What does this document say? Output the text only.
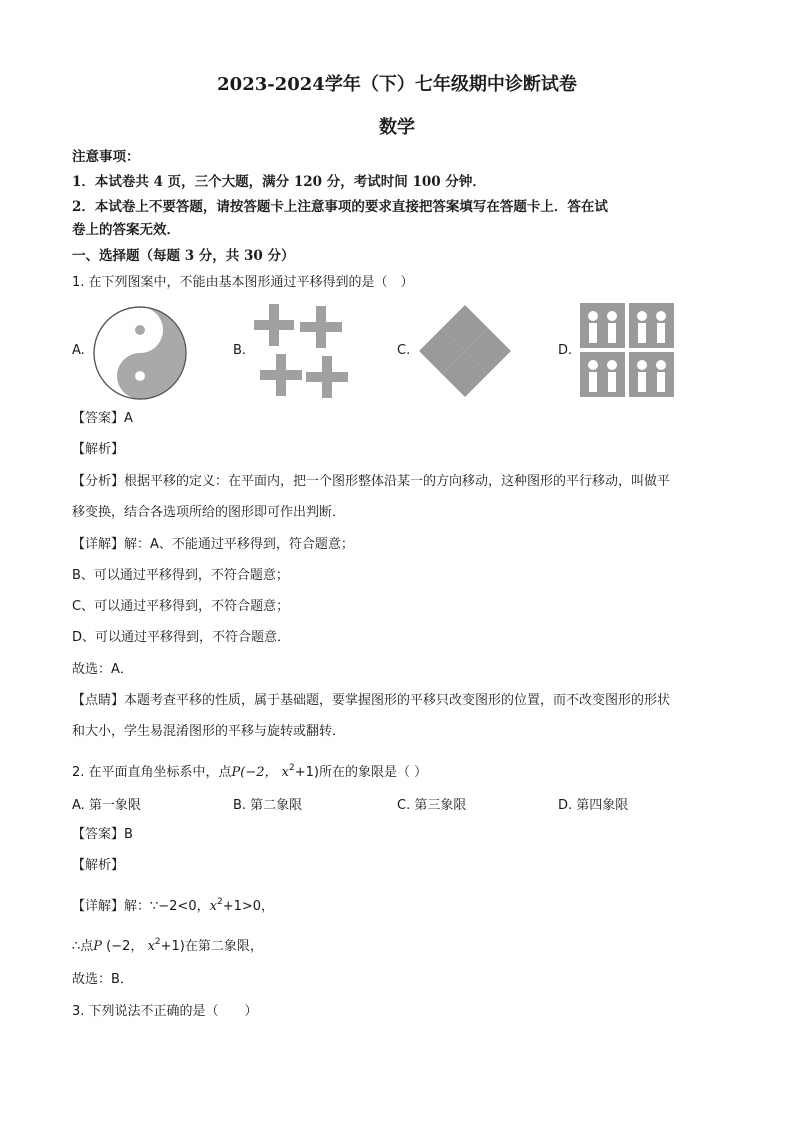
2023-2024学年（下）七年级期中诊断试卷
数学
注意事项：
1．本试卷共 4 页，三个大题，满分 120 分，考试时间 100 分钟．
2．本试卷上不要答题，请按答题卡上注意事项的要求直接把答案填写在答题卡上．答在试
卷上的答案无效．
一、选择题（每题 3 分，共 30 分）
1. 在下列图案中，不能由基本图形通过平移得到的是（　）
A.	B.	C.	D.
【答案】A
【解析】
【分析】根据平移的定义：在平面内，把一个图形整体沿某一的方向移动，这种图形的平行移动，叫做平
移变换，结合各选项所给的图形即可作出判断．
【详解】解：A、不能通过平移得到，符合题意；
B、可以通过平移得到，不符合题意；
C、可以通过平移得到，不符合题意；
D、可以通过平移得到，不符合题意．
故选：A．
【点睛】本题考查平移的性质，属于基础题，要掌握图形的平移只改变图形的位置，而不改变图形的形状
和大小，学生易混淆图形的平移与旋转或翻转．
2. 在平面直角坐标系中，点P(−2， $x^2+1$)所在的象限是（ ）
A. 第一象限	B. 第二象限	C. 第三象限	D. 第四象限
【答案】B
【解析】
【详解】解：∵−2<0，$x^2+1>0$，
∴点P (−2， $x^2+1$)在第二象限，
故选：B．
3. 下列说法不正确的是（　　）
